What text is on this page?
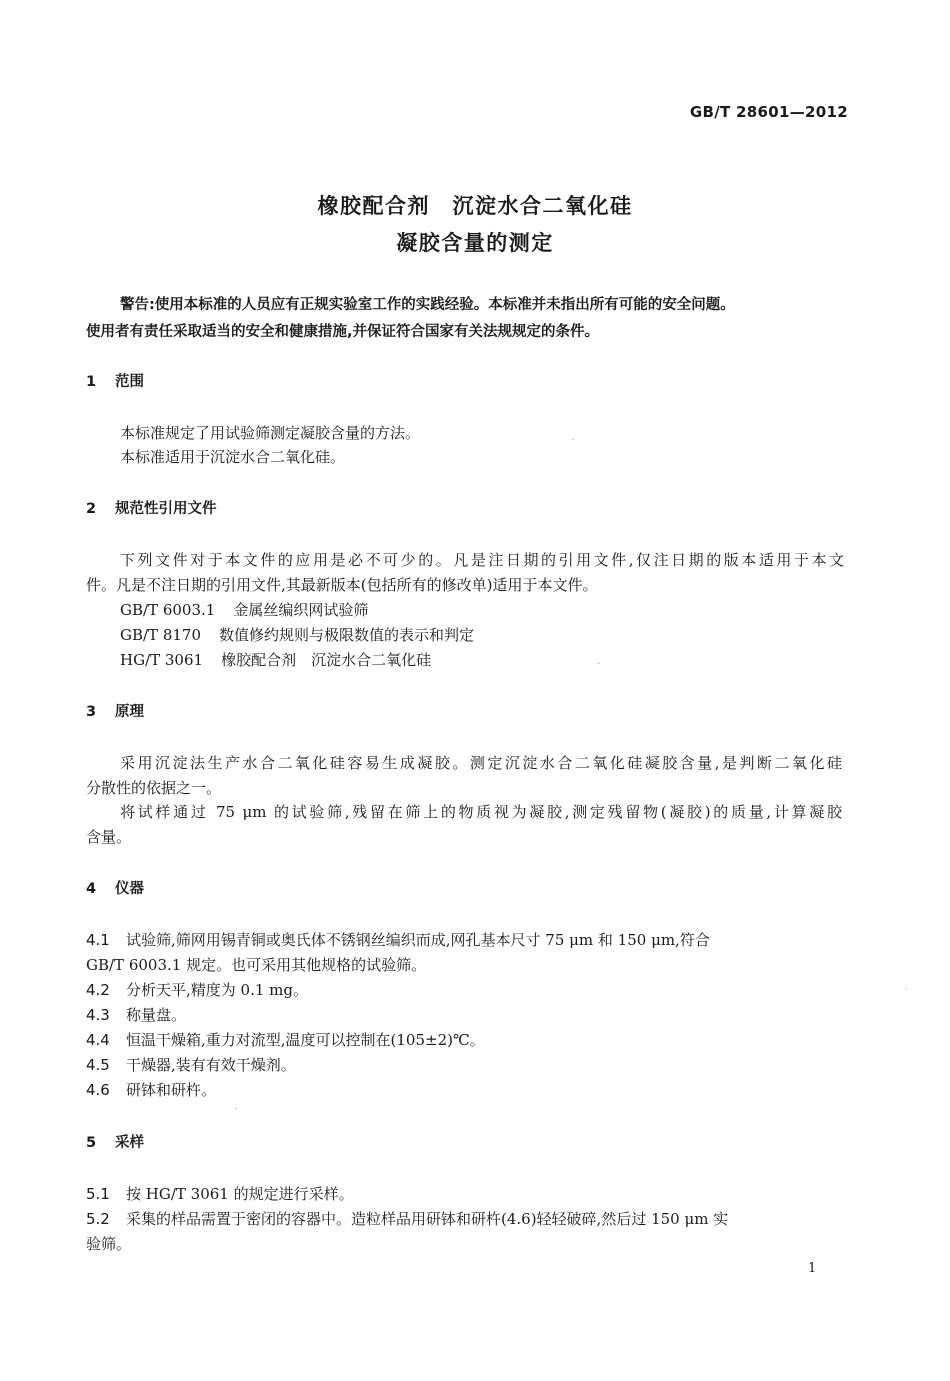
GB/T 28601—2012
橡胶配合剂　沉淀水合二氧化硅
凝胶含量的测定
警告:使用本标准的人员应有正规实验室工作的实践经验。本标准并未指出所有可能的安全问题。
使用者有责任采取适当的安全和健康措施,并保证符合国家有关法规规定的条件。
1 范围
本标准规定了用试验筛测定凝胶含量的方法。
本标准适用于沉淀水合二氧化硅。
2 规范性引用文件
下列文件对于本文件的应用是必不可少的。凡是注日期的引用文件,仅注日期的版本适用于本文
件。凡是不注日期的引用文件,其最新版本(包括所有的修改单)适用于本文件。
GB/T 6003.1 金属丝编织网试验筛
GB/T 8170 数值修约规则与极限数值的表示和判定
HG/T 3061 橡胶配合剂　沉淀水合二氧化硅
3 原理
采用沉淀法生产水合二氧化硅容易生成凝胶。测定沉淀水合二氧化硅凝胶含量,是判断二氧化硅
分散性的依据之一。
将试样通过 75 μm 的试验筛,残留在筛上的物质视为凝胶,测定残留物(凝胶)的质量,计算凝胶
含量。
4 仪器
4.1 试验筛,筛网用锡青铜或奥氏体不锈钢丝编织而成,网孔基本尺寸 75 μm 和 150 μm,符合
GB/T 6003.1 规定。也可采用其他规格的试验筛。
4.2 分析天平,精度为 0.1 mg。
4.3 称量盘。
4.4 恒温干燥箱,重力对流型,温度可以控制在(105±2)℃。
4.5 干燥器,装有有效干燥剂。
4.6 研钵和研杵。
5 采样
5.1 按 HG/T 3061 的规定进行采样。
5.2 采集的样品需置于密闭的容器中。造粒样品用研钵和研杵(4.6)轻轻破碎,然后过 150 μm 实
验筛。
1
